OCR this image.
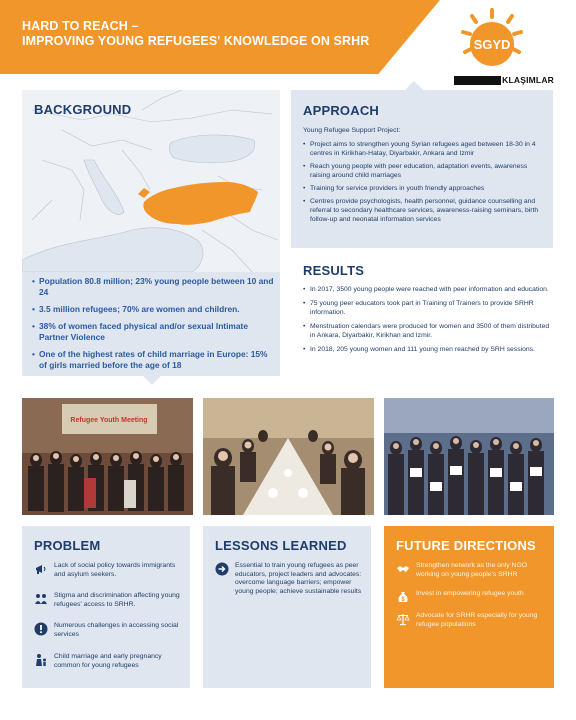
HARD TO REACH –
IMPROVING YOUNG REFUGEES' KNOWLEDGE ON SRHR	SGYD
KLAŞIMLAR
BACKGROUND
• Population 80.8 million; 23% young people between 10 and 24
• 3.5 million refugees; 70% are women and children.
• 38% of women faced physical and/or sexual Intimate Partner Violence
• One of the highest rates of child marriage in Europe: 15% of girls married before the age of 18
APPROACH
Young Refugee Support Project:
• Project aims to strengthen young Syrian refugees aged between 18-30 in 4 centres in Kirikhan-Hatay, Diyarbakir, Ankara and Izmir
• Reach young people with peer education, adaptation events, awareness raising around child marriages
• Training for service providers in youth friendly approaches
• Centres provide psychologists, health personnel, guidance counselling and referral to secondary healthcare services, awareness-raising seminars, birth follow-up and neonatal information services
RESULTS
• In 2017, 3500 young people were reached with peer information and education.
• 75 young peer educators took part in Training of Trainers to provide SRHR information.
• Menstruation calendars were produced for women and 3500 of them distributed in Ankara, Diyarbakir, Kirikhan and Izmir.
• In 2018, 205 young women and 111 young men reached by SRH sessions.
Refugee Youth Meeting
PROBLEM
Lack of social policy towards immigrants and asylum seekers.
Stigma and discrimination affecting young refugees' access to SRHR.
Numerous challenges in accessing social services
Child marriage and early pregnancy common for young refugees
LESSONS LEARNED
Essential to train young refugees as peer educators, project leaders and advocates: overcome language barriers; empower young people; achieve sustainable results
FUTURE DIRECTIONS
Strengthen network as the only NGO working on young people's SRHR
$
Invest in empowering refugee youth
Advocate for SRHR especially for young refugee populations
